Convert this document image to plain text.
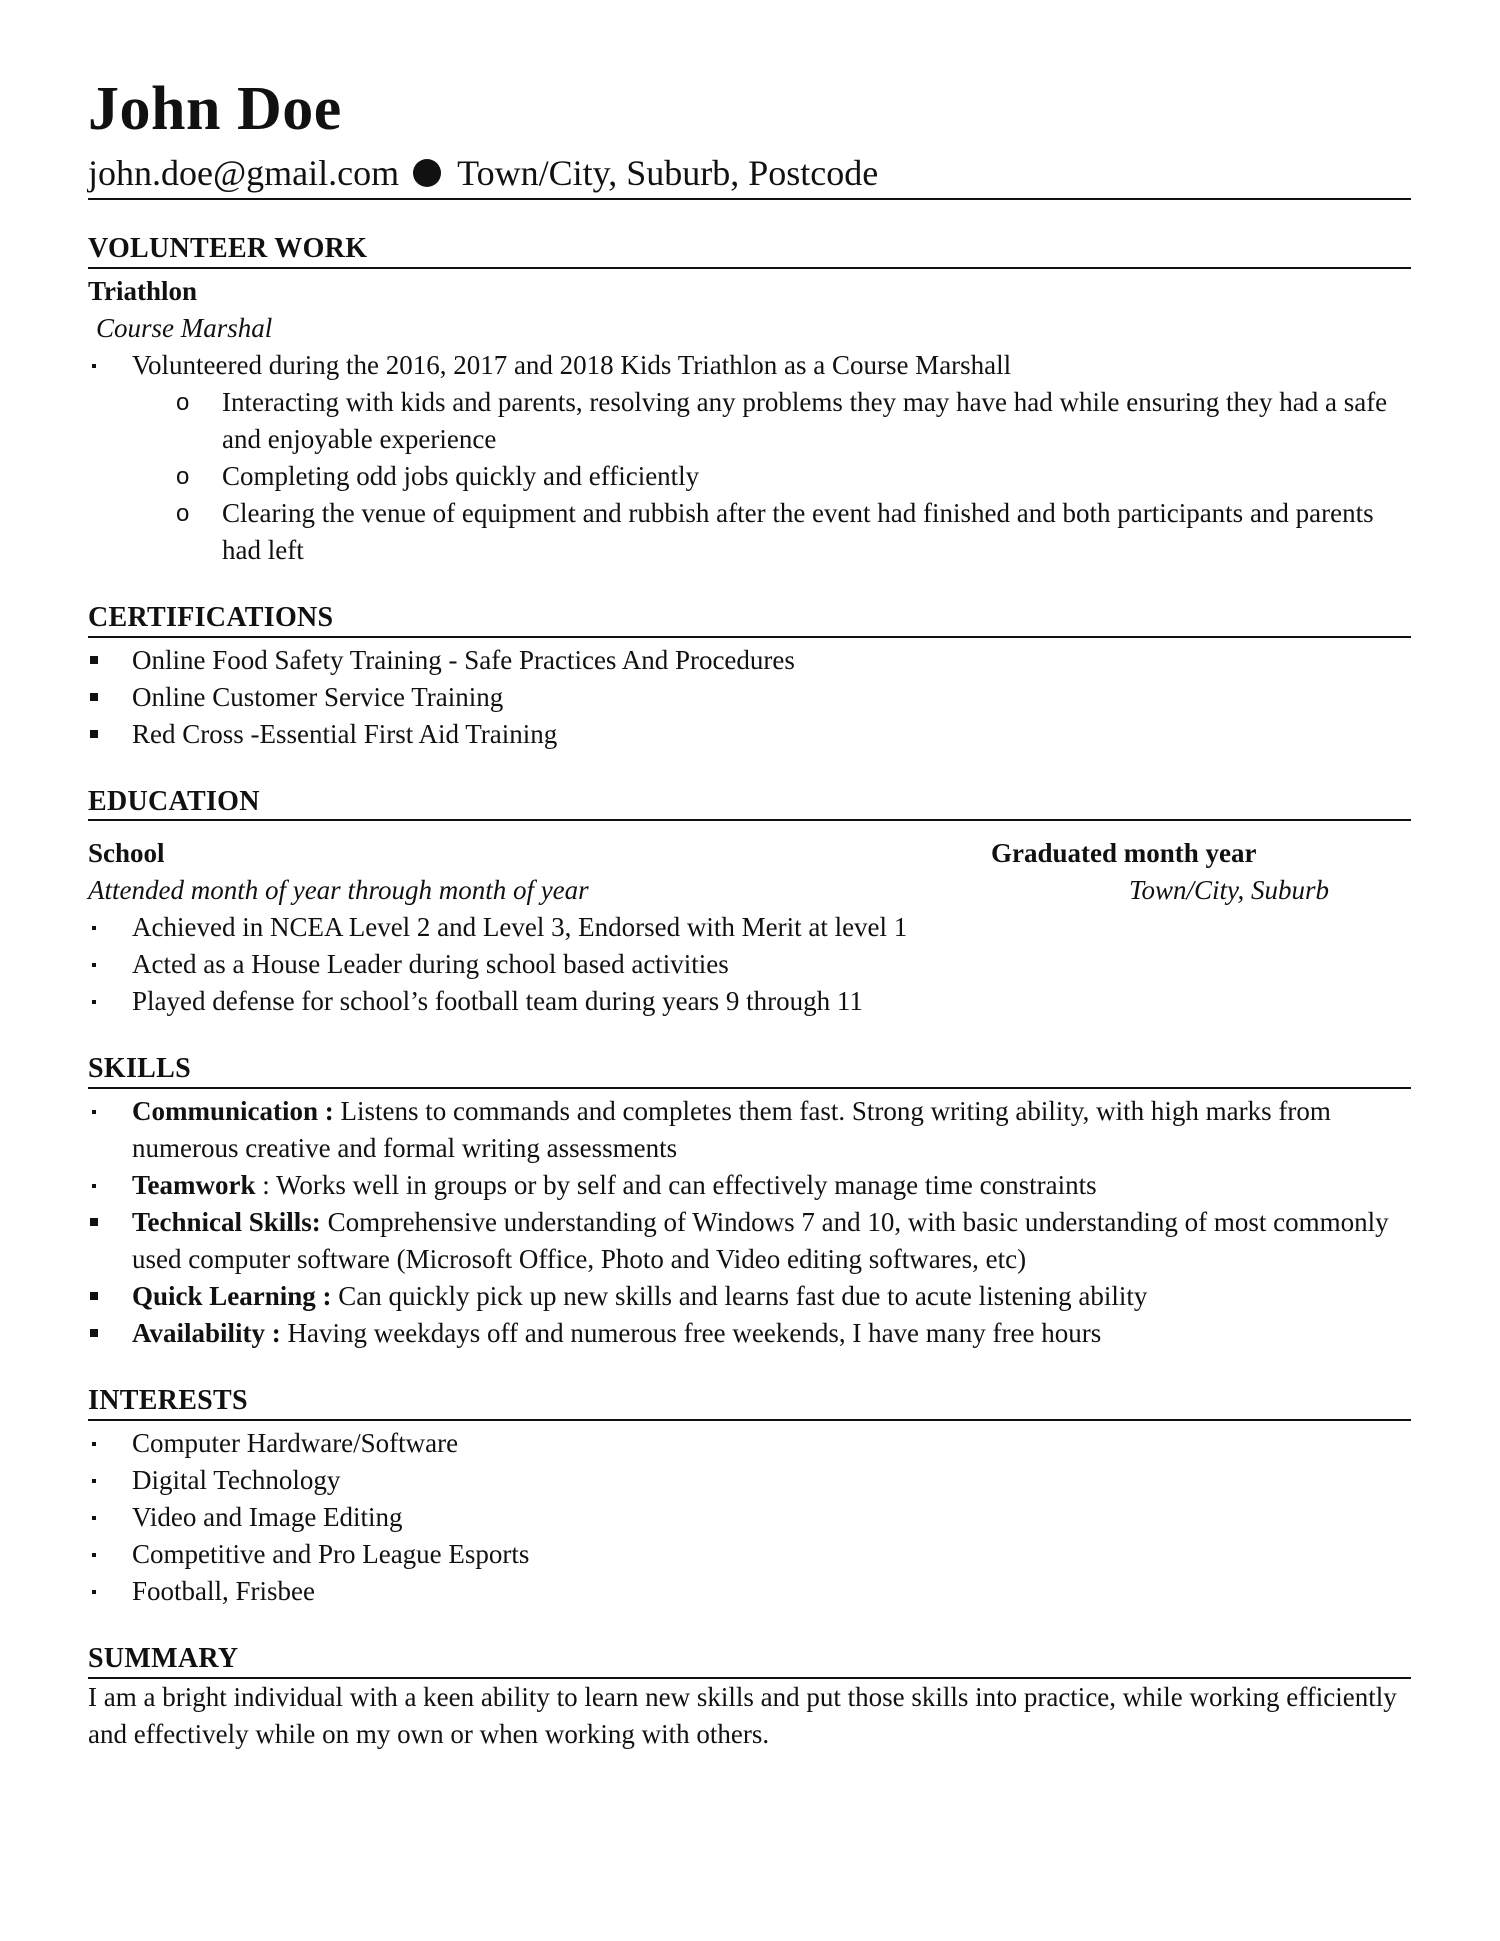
John Doe
john.doe@gmail.com Town/City, Suburb, Postcode
VOLUNTEER WORK
Triathlon
Course Marshal
Volunteered during the 2016, 2017 and 2018 Kids Triathlon as a Course Marshall
o	Interacting with kids and parents, resolving any problems they may have had while ensuring they had a safe and enjoyable experience
o	Completing odd jobs quickly and efficiently
o	Clearing the venue of equipment and rubbish after the event had finished and both participants and parents had left
CERTIFICATIONS
Online Food Safety Training - Safe Practices And Procedures
Online Customer Service Training
Red Cross -Essential First Aid Training
EDUCATION
School	Graduated month year
Attended month of year through month of year	Town/City, Suburb
Achieved in NCEA Level 2 and Level 3, Endorsed with Merit at level 1
Acted as a House Leader during school based activities
Played defense for school’s football team during years 9 through 11
SKILLS
Communication : Listens to commands and completes them fast. Strong writing ability, with high marks from numerous creative and formal writing assessments
Teamwork : Works well in groups or by self and can effectively manage time constraints
Technical Skills: Comprehensive understanding of Windows 7 and 10, with basic understanding of most commonly used computer software (Microsoft Office, Photo and Video editing softwares, etc)
Quick Learning : Can quickly pick up new skills and learns fast due to acute listening ability
Availability : Having weekdays off and numerous free weekends, I have many free hours
INTERESTS
Computer Hardware/Software
Digital Technology
Video and Image Editing
Competitive and Pro League Esports
Football, Frisbee
SUMMARY
I am a bright individual with a keen ability to learn new skills and put those skills into practice, while working efficiently and effectively while on my own or when working with others.
